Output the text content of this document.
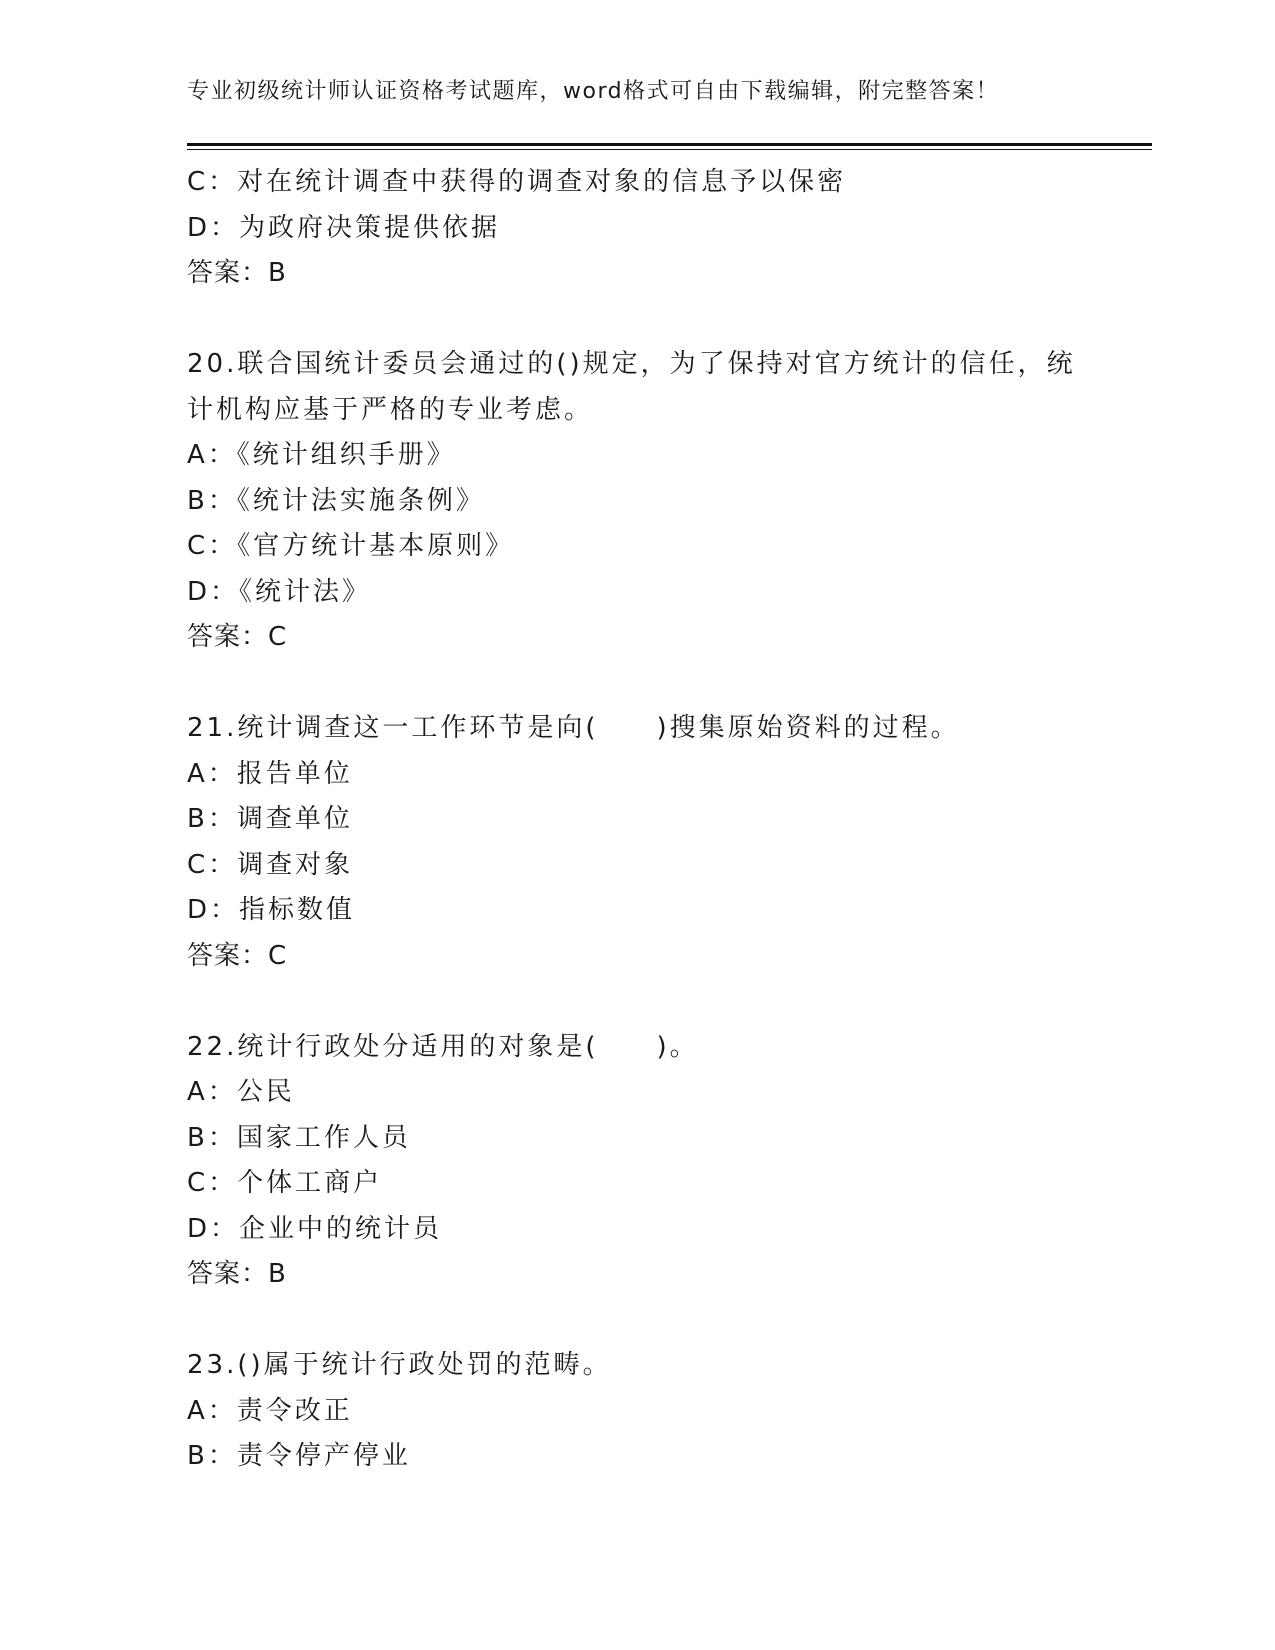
专业初级统计师认证资格考试题库，word格式可自由下载编辑，附完整答案！
C：对在统计调查中获得的调查对象的信息予以保密
D：为政府决策提供依据
答案：B
20.联合国统计委员会通过的()规定，为了保持对官方统计的信任，统
计机构应基于严格的专业考虑。
A：《统计组织手册》
B：《统计法实施条例》
C：《官方统计基本原则》
D：《统计法》
答案：C
21.统计调查这一工作环节是向(　　)搜集原始资料的过程。
A：报告单位
B：调查单位
C：调查对象
D：指标数值
答案：C
22.统计行政处分适用的对象是(　　)。
A：公民
B：国家工作人员
C：个体工商户
D：企业中的统计员
答案：B
23.()属于统计行政处罚的范畴。
A：责令改正
B：责令停产停业
